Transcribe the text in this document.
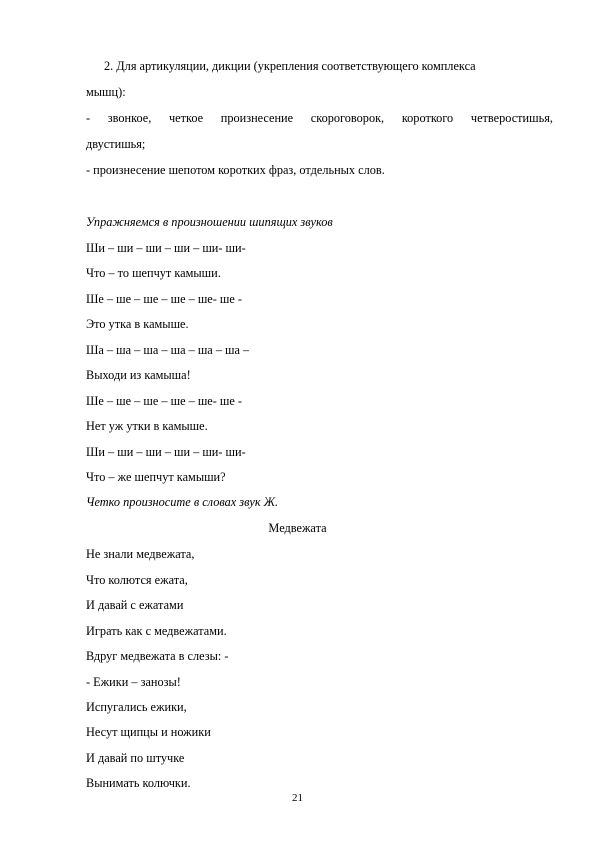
2. Для артикуляции, дикции (укрепления соответствующего комплекса
мышц):
- звонкое, четкое произнесение скороговорок, короткого четверостишья,
двустишья;
- произнесение шепотом коротких фраз, отдельных слов.
Упражняемся в произношении шипящих звуков
Ши – ши – ши – ши – ши- ши-
Что – то шепчут камыши.
Ше – ше – ше – ше – ше- ше -
Это утка в камыше.
Ша – ша – ша – ша – ша – ша –
Выходи из камыша!
Ше – ше – ше – ше – ше- ше -
Нет уж утки в камыше.
Ши – ши – ши – ши – ши- ши-
Что – же шепчут камыши?
Четко произносите в словах звук Ж.
Медвежата
Не знали медвежата,
Что колются ежата,
И давай с ежатами
Играть как с медвежатами.
Вдруг медвежата в слезы: -
- Ежики – занозы!
Испугались ежики,
Несут щипцы и ножики
И давай по штучке
Вынимать колючки.
21
